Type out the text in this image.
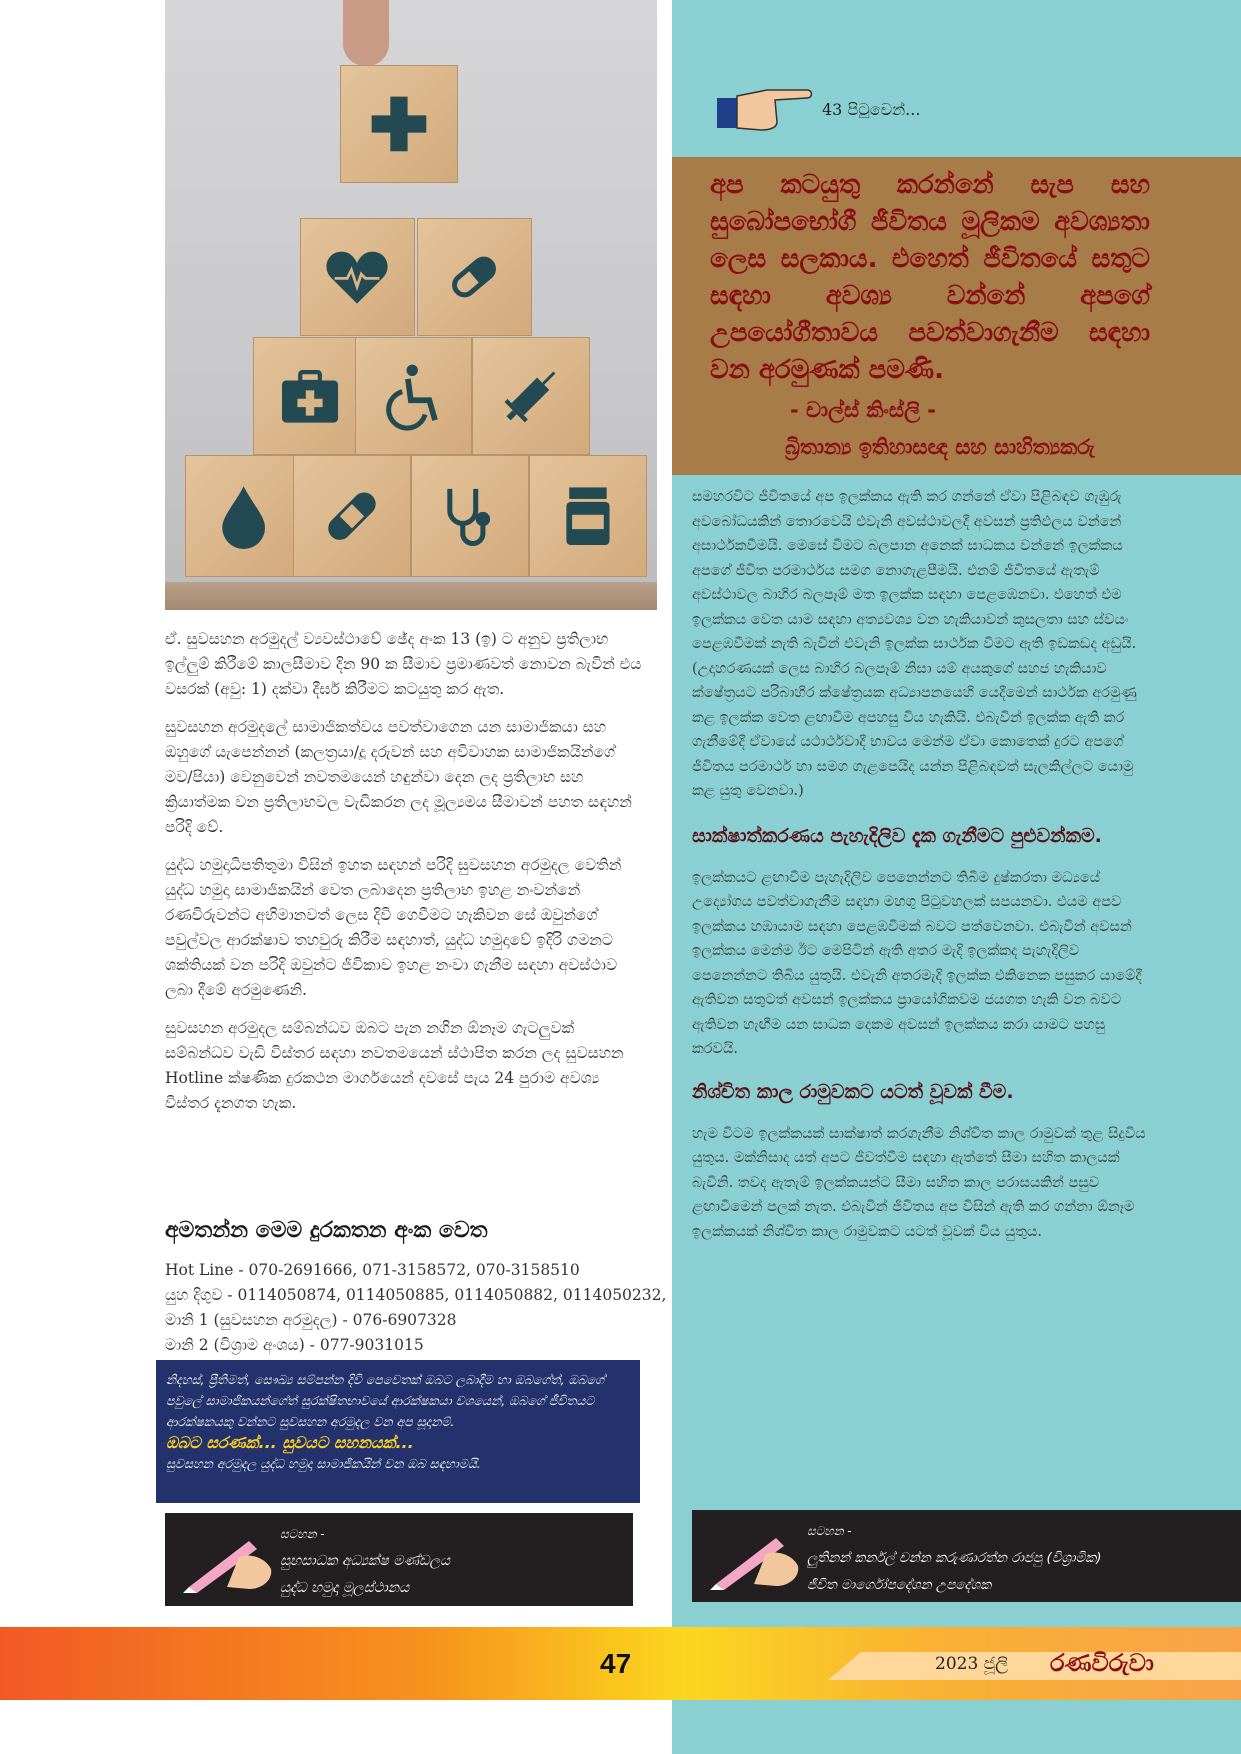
ඒ. සුවසහන අරමුදල් ව්‍යවස්ථාවේ ඡේද අංක 13 (ඉ) ට අනුව ප්‍රතිලාභ ඉල්ලුම් කිරීමේ කාලසීමාව දින 90 ක සීමාව ප්‍රමාණවත් නොවන බැවින් එය වසරක් (අවු: 1) දක්වා දීර්ඝ කිරීමට කටයුතු කර ඇත.

සුවසහන අරමුදලේ සාමාජිකත්වය පවත්වාගෙන යන සාමාජිකයා සහ ඔහුගේ යැපෙන්නන් (කලත්‍රයා/දූ දරුවන් සහ අවිවාහක සාමාජිකයින්ගේ මව/පියා) වෙනුවෙන් නවතමයෙන් හඳුන්වා දෙන ලද ප්‍රතිලාභ සහ ක්‍රියාත්මක වන ප්‍රතිලාභවල වැඩිකරන ලද මූල්‍යමය සීමාවන් පහත සඳහන් පරිදි වේ.

යුද්ධ හමුදාධිපතිතුමා විසින් ඉහත සඳහන් පරිදි සුවසහන අරමුදල වෙතින් යුද්ධ හමුදා සාමාජිකයින් වෙත ලබාදෙන ප්‍රතිලාභ ඉහළ නංවන්නේ රණවිරුවන්ට අභිමානවත් ලෙස දිවි ගෙවීමට හැකිවන සේ ඔවුන්ගේ පවුල්වල ආරක්ෂාව තහවුරු කිරීම සඳහාත්, යුද්ධ හමුදාවේ ඉදිරි ගමනට ශක්තියක් වන පරිදි ඔවුන්ට ජීවිකාව ඉහළ නංවා ගැනීම සඳහා අවස්ථාව ලබා දීමේ අරමුණෙනි.

සුවසහන අරමුදල සම්බන්ධව ඔබට පැන නගින ඕනෑම ගැටලුවක් සම්බන්ධව වැඩි විස්තර සඳහා නවතමයෙන් ස්ථාපිත කරන ලද සුවසහන Hotline ක්ෂණික දුරකථන මාර්ගයෙන් දවසේ පැය 24 පුරාම අවශ්‍ය විස්තර දැනගත හැක.

අමතන්න මෙම දුරකතන අංක වෙත
Hot Line - 070-2691666, 071-3158572, 070-3158510
යුහ දිගුව - 0114050874, 0114050885, 0114050882, 0114050232,
මානි 1 (සුවසහන අරමුදල) - 076-6907328
මානි 2 (විශ්‍රාම අංශය) - 077-9031015
නිදහස්, ප්‍රීතිමත්, සෞඛ්‍ය සම්පන්න දිවි පෙවෙතක් ඔබට ලබාදීම හා ඔබගේත්, ඔබගේ පවුලේ සාමාජිකයන්ගේත් සුරක්ෂිතභාවයේ ආරක්ෂකයා වශයෙන්, ඔබගේ ජීවිතයට ආරක්ෂකයකු වන්නට සුවසහන අරමුදල වන අප සූදානම්.
ඔබට සරණක්... සුවයට සහනයක්...
සුවසහන අරමුදල යුද්ධ හමුදා සාමාජිකයින් වන ඔබ සඳහාමයි.
සටහන -
සුභසාධක අධ්‍යක්ෂ මණ්ඩලය
යුද්ධ හමුදා මූලස්ථානය
43 පිටුවෙන්...

අප කටයුතු කරන්නේ සැප සහ සුබෝපභෝගී ජීවිතය මූලිකම අවශ්‍යතා ලෙස සලකාය. එහෙත් ජීවිතයේ සතුට සඳහා අවශ්‍ය වන්නේ අපගේ උපයෝගීතාවය පවත්වාගැනීම සඳහා වන අරමුණක් පමණි.

- චාල්ස් කිංස්ලි -
බ්‍රිතාන්‍ය ඉතිහාසඥ සහ සාහිත්‍යකරු

සමහරවිට ජීවිතයේ අප ඉලක්කය ඇති කර ගන්නේ ඒවා පිළිබඳව ගැඹුරු අවබෝධයකින් තොරවෙයි එවැනි අවස්ථාවලදී අවසන් ප්‍රතිඵලය වන්නේ අසාර්ථකවීමයි. මෙසේ වීමට බලපාන අනෙක් සාධකය වන්නේ ඉලක්කය අපගේ ජීවිත පරමාර්ථය සමග නොගැළපීමයි. එනම් ජීවිතයේ ඇතැම් අවස්ථාවල බාහිර බලපෑම් මත ඉලක්ක සඳහා පෙළඹෙනවා. එහෙත් එම ඉලක්කය වෙත යාම සඳහා අත්‍යවශ්‍ය වන හැකියාවන් කුසලතා සහ ස්වයං පෙළඹවීමක් නැති බැවින් එවැනි ඉලක්ක සාර්ථක වීමට ඇති ඉඩකඩද අඩුයි. (උදාහරණයක් ලෙස බාහිර බලපෑම් නිසා යම් අයකුගේ සහජ හැකියාව ක්ෂේත්‍රයට පරිබාහිර ක්ෂේත්‍රයක අධ්‍යාපනයෙහි යෙදීමෙන් සාර්ථක අරමුණු කළ ඉලක්ක වෙත ළඟාවීම අපහසු විය හැකියි. එබැවින් ඉලක්ක ඇති කර ගැනීමේදී ඒවායේ යථාර්ථවාදී භාවය මෙන්ම ඒවා කොතෙක් දුරට අපගේ ජීවිතය පරමාර්ථ හා සමග ගැළපෙයිද යන්න පිළිබඳවත් සැලකිල්ලට යොමු කළ යුතු වෙනවා.)

සාක්ෂාත්කරණය පැහැදිලිව දැක ගැනීමට පුළුවන්කම.

ඉලක්කයට ළඟාවීම පැහැදිලිව පෙනෙන්නට තිබීම දුෂ්කරතා මධ්‍යයේ උද්‍යෝගය පවත්වාගැනීම සඳහා මහගු පිටුවහලක් සපයනවා. එයම අපව ඉලක්කය හඹායාම සඳහා පෙළඹවීමක් බවට පත්වෙනවා. එබැවින් අවසන් ඉලක්කය මෙන්ම ඊට මෙපිටින් ඇති අතර මැදි ඉලක්කද පැහැදිලිව පෙනෙන්නට තිබිය යුතුයි. එවැනි අතරමැදි ඉලක්ක එකිනෙක පසුකර යාමේදී ඇතිවන සතුටත් අවසන් ඉලක්කය ප්‍රායෝගිකවම ජයගත හැකි වන බවට ඇතිවන හැඟීම යන සාධක දෙකම අවසන් ඉලක්කය කරා යාමට පහසු කරවයි.

නිශ්චිත කාල රාමුවකට යටත් වූවක් වීම.

හැම විටම ඉලක්කයක් සාක්ෂාත් කරගැනීම නිශ්චිත කාල රාමුවක් තුළ සිදුවිය යුතුය. මක්නිසාද යත් අපට ජීවත්වීම සඳහා ඇත්තේ සීමා සහිත කාලයක් බැවිනි. තවද ඇතැම් ඉලක්කයන්ට සීමා සහිත කාල පරාසයකින් පසුව ළඟාවීමෙන් පලක් නැත. එබැවින් ජීවිතය අප විසින් ඇති කර ගන්නා ඕනෑම ඉලක්කයක් නිශ්චිත කාල රාමුවකට යටත් වූවක් විය යුතුය.

සටහන -
ලුතිනන් කර්නල් චන්න කරුණාරත්න රාජපු (විශ්‍රාමික)
ජීවිත මාර්ගෝපදේශන උපදේශක
47	2023 ජූලි රණවිරුවා
